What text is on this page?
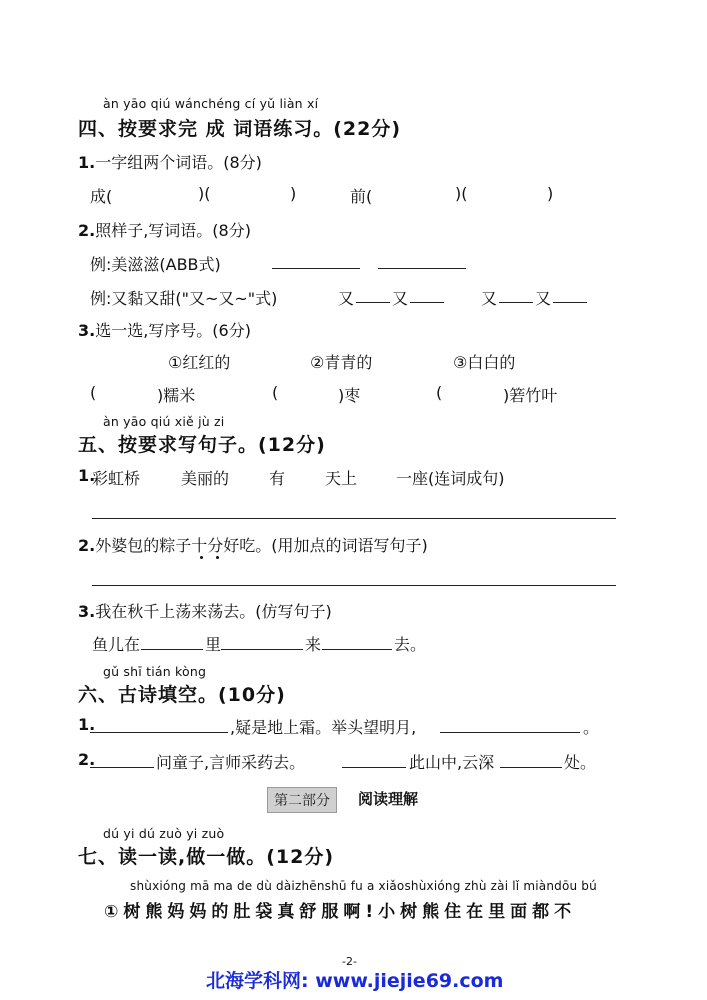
àn yāo qiú wánchéng cí yǔ liàn xí
四、按要求完 成 词语练习。(22分)
1.一字组两个词语。(8分)
成(	)(	)	前(	)(	)
2.照样子,写词语。(8分)
例:美滋滋(ABB式)
例:又黏又甜("又~又~"式)	又 又	又 又
3.选一选,写序号。(6分)
①红红的	②青青的	③白白的
(	)糯米	(	)枣	(	)箬竹叶
àn yāo qiú xiě jù zi
五、按要求写句子。(12分)
1.
彩虹桥	美丽的 有 天上 一座(连词成句)
2.外婆包的粽子十分好吃。(用加点的词语写句子)
3.我在秋千上荡来荡去。(仿写句子)
鱼儿在	里	来	去。
gǔ shī tián kòng
六、古诗填空。(10分)
1.	,疑是地上霜。举头望明月,	。
2.	问童子,言师采药去。	此山中,云深	处。
第二部分	阅读理解
dú yi dú zuò yi zuò
七、读一读,做一做。(12分)
shùxióng mā ma de dù dàizhēnshū fu a xiǎoshùxióng zhù zài lǐ miàndōu bú
①树熊妈妈的肚袋真舒服啊!小树熊住在里面都不
-2-
北海学科网: www.jiejie69.com
